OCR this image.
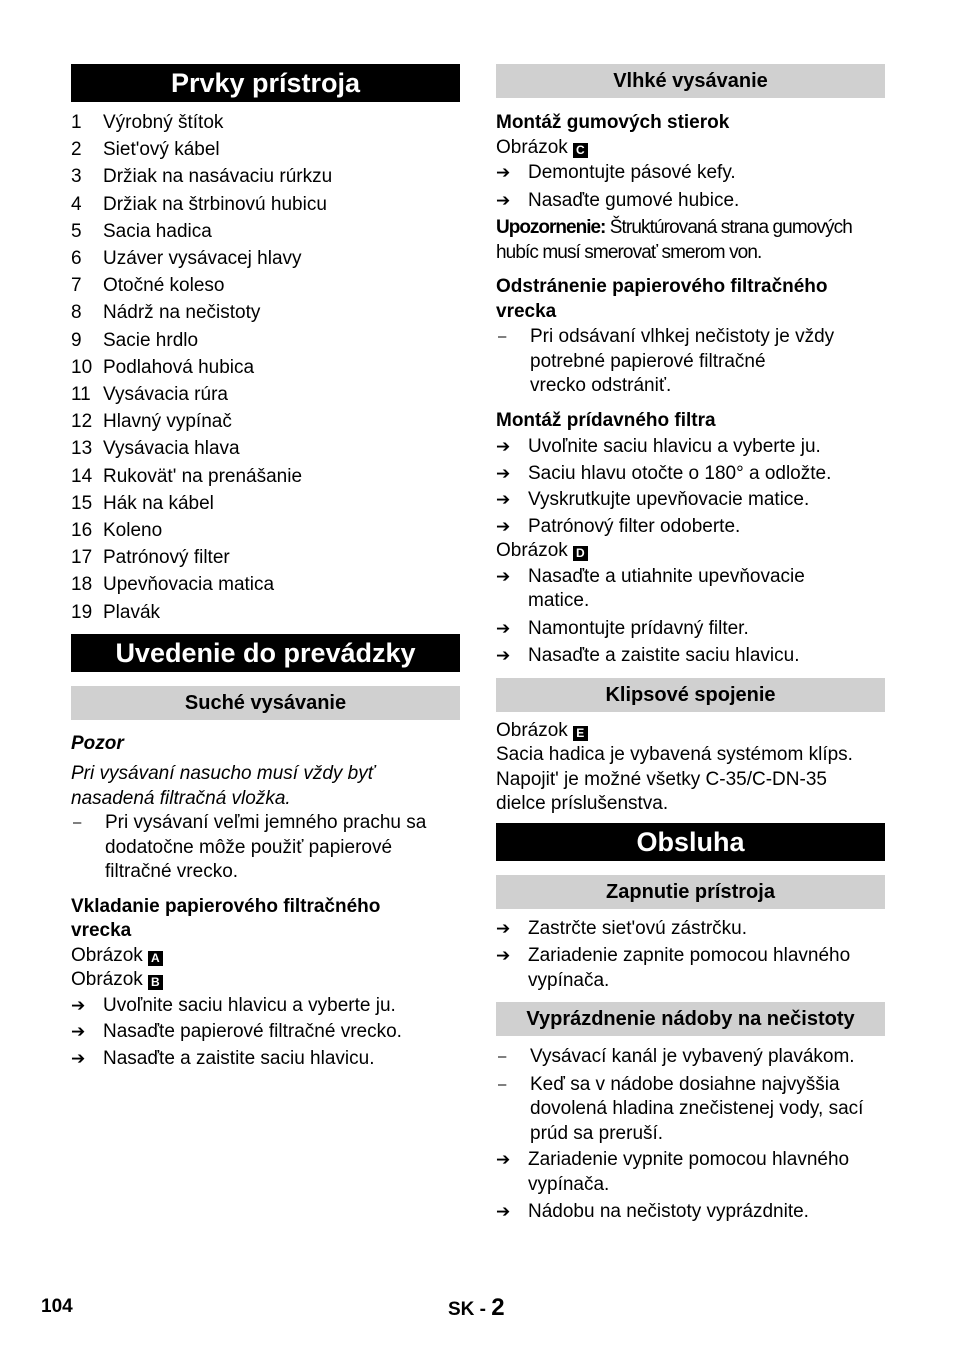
Prvky prístroja
1	Výrobný štítok
2	Siet'ový kábel
3	Držiak na nasávaciu rúrkzu
4	Držiak na štrbinovú hubicu
5	Sacia hadica
6	Uzáver vysávacej hlavy
7	Otočné koleso
8	Nádrž na nečistoty
9	Sacie hrdlo
10 Podlahová hubica
11 Vysávacia rúra
12 Hlavný vypínač
13 Vysávacia hlava
14 Rukovät' na prenášanie
15 Hák na kábel
16 Koleno
17 Patrónový filter
18 Upevňovacia matica
19 Plavák
Uvedenie do prevádzky
Suché vysávanie
Pozor
Pri vysávaní nasucho musí vždy byť
nasadená filtračná vložka.
–	Pri vysávaní veľmi jemného prachu sa
dodatočne môže použiť papierové
filtračné vrecko.
Vkladanie papierového filtračného
vrecka
Obrázok A
Obrázok B
➔ Uvoľnite saciu hlavicu a vyberte ju.
➔ Nasaďte papierové filtračné vrecko.
➔ Nasaďte a zaistite saciu hlavicu.
Vlhké vysávanie
Montáž gumových stierok
Obrázok C
➔ Demontujte pásové kefy.
➔ Nasaďte gumové hubice.
Upozornenie: Štruktúrovaná strana gumových
hubíc musí smerovať smerom von.
Odstránenie papierového filtračného
vrecka
–	Pri odsávaní vlhkej nečistoty je vždy
potrebné papierové filtračné
vrecko odstrániť.
Montáž prídavného filtra
➔ Uvoľnite saciu hlavicu a vyberte ju.
➔ Saciu hlavu otočte o 180° a odložte.
➔ Vyskrutkujte upevňovacie matice.
➔ Patrónový filter odoberte.
Obrázok D
➔ Nasaďte a utiahnite upevňovacie
matice.
➔ Namontujte prídavný filter.
➔ Nasaďte a zaistite saciu hlavicu.
Klipsové spojenie
Obrázok E
Sacia hadica je vybavená systémom klíps.
Napojit' je možné všetky C-35/C-DN-35
dielce príslušenstva.
Obsluha
Zapnutie prístroja
➔ Zastrčte siet'ovú zástrčku.
➔ Zariadenie zapnite pomocou hlavného
vypínača.
Vyprázdnenie nádoby na nečistoty
–	Vysávací kanál je vybavený plavákom.
–	Keď sa v nádobe dosiahne najvyššia
dovolená hladina znečistenej vody, sací
prúd sa preruší.
➔ Zariadenie vypnite pomocou hlavného
vypínača.
➔ Nádobu na nečistoty vyprázdnite.
104	SK - 2
